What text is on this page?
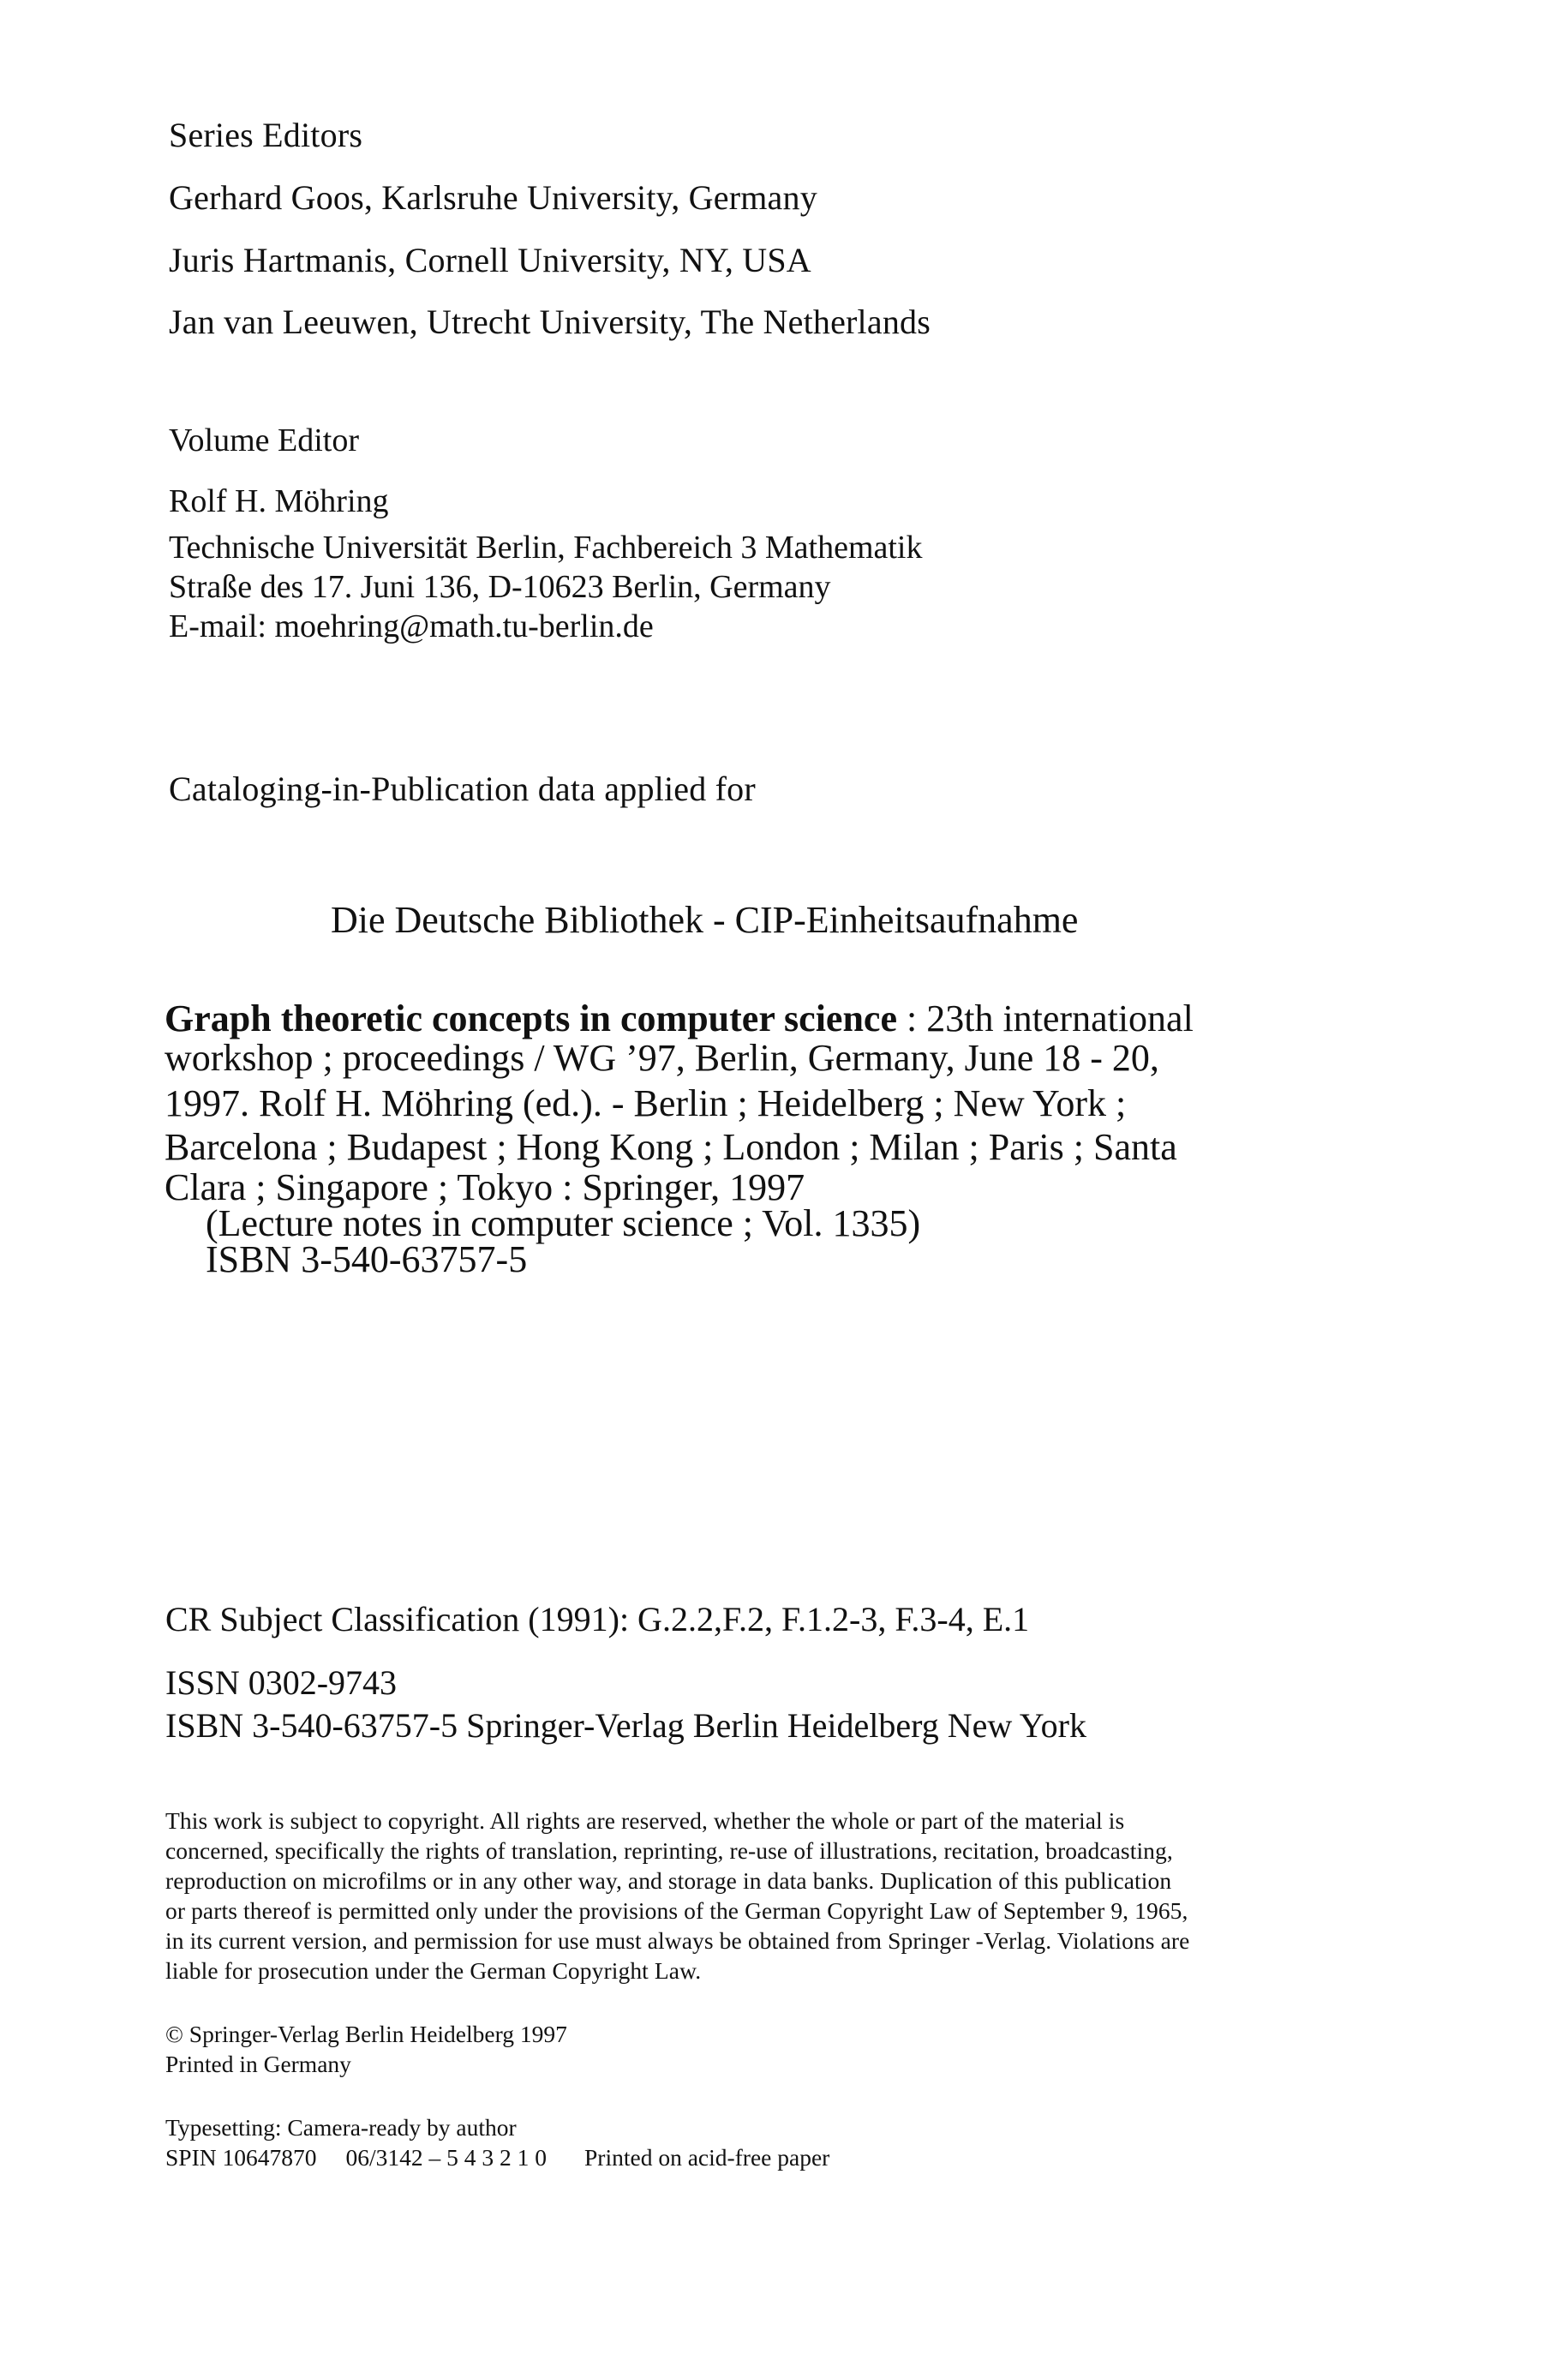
Series Editors

Gerhard Goos, Karlsruhe University, Germany

Juris Hartmanis, Cornell University, NY, USA

Jan van Leeuwen, Utrecht University, The Netherlands

Volume Editor

Rolf H. Möhring

Technische Universität Berlin, Fachbereich 3 Mathematik

Straße des 17. Juni 136, D-10623 Berlin, Germany

E-mail: moehring@math.tu-berlin.de

Cataloging-in-Publication data applied for

Die Deutsche Bibliothek - CIP-Einheitsaufnahme

Graph theoretic concepts in computer science : 23th international

workshop ; proceedings / WG ’97, Berlin, Germany, June 18 - 20,

1997. Rolf H. Möhring (ed.). - Berlin ; Heidelberg ; New York ;

Barcelona ; Budapest ; Hong Kong ; London ; Milan ; Paris ; Santa

Clara ; Singapore ; Tokyo : Springer, 1997

(Lecture notes in computer science ; Vol. 1335)

ISBN 3-540-63757-5

CR Subject Classification (1991): G.2.2,F.2, F.1.2-3, F.3-4, E.1

ISSN 0302-9743

ISBN 3-540-63757-5 Springer-Verlag Berlin Heidelberg New York

This work is subject to copyright. All rights are reserved, whether the whole or part of the material is

concerned, specifically the rights of translation, reprinting, re-use of illustrations, recitation, broadcasting,

reproduction on microfilms or in any other way, and storage in data banks. Duplication of this publication

or parts thereof is permitted only under the provisions of the German Copyright Law of September 9, 1965,

in its current version, and permission for use must always be obtained from Springer -Verlag. Violations are

liable for prosecution under the German Copyright Law.

© Springer-Verlag Berlin Heidelberg 1997

Printed in Germany

Typesetting: Camera-ready by author

SPIN 10647870 06/3142 – 5 4 3 2 1 0 Printed on acid-free paper
